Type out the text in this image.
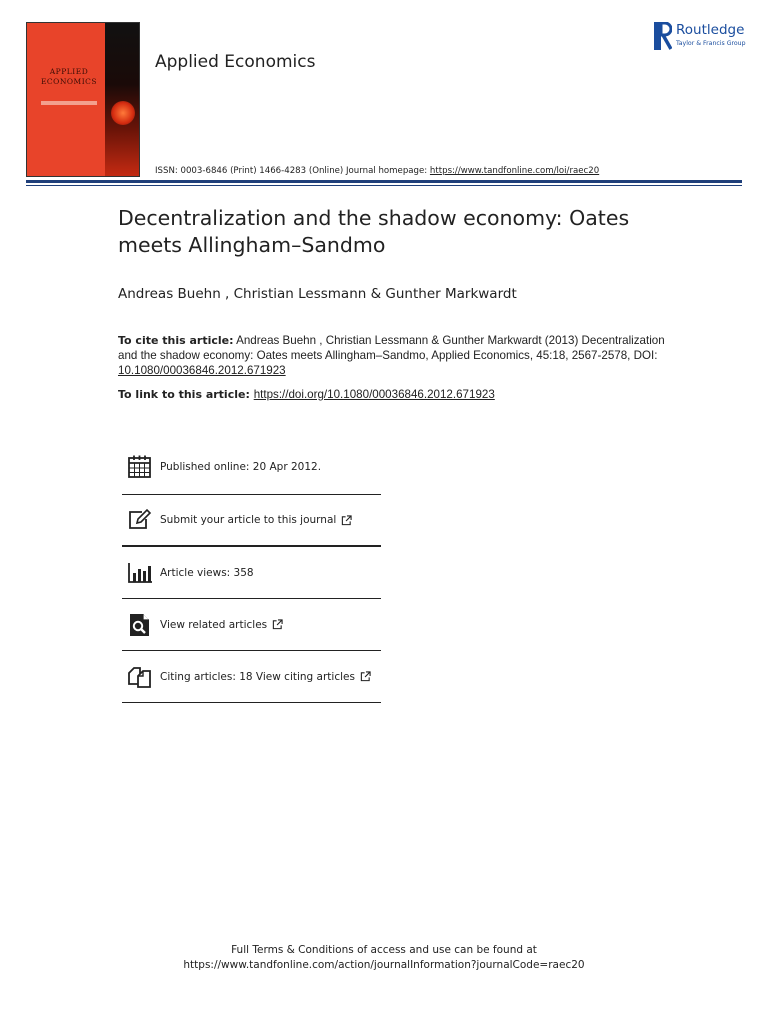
APPLIED
ECONOMICS
Applied Economics
ISSN: 0003-6846 (Print) 1466-4283 (Online) Journal homepage: https://www.tandfonline.com/loi/raec20
Routledge
Taylor & Francis Group
Decentralization and the shadow economy: Oates meets Allingham–Sandmo
Andreas Buehn , Christian Lessmann & Gunther Markwardt
To cite this article: Andreas Buehn , Christian Lessmann & Gunther Markwardt (2013) Decentralization and the shadow economy: Oates meets Allingham–Sandmo, Applied Economics, 45:18, 2567-2578, DOI: 10.1080/00036846.2012.671923
To link to this article: https://doi.org/10.1080/00036846.2012.671923
Published online: 20 Apr 2012.
Submit your article to this journal
Article views: 358
View related articles
Citing articles: 18 View citing articles
Full Terms & Conditions of access and use can be found at
https://www.tandfonline.com/action/journalInformation?journalCode=raec20
